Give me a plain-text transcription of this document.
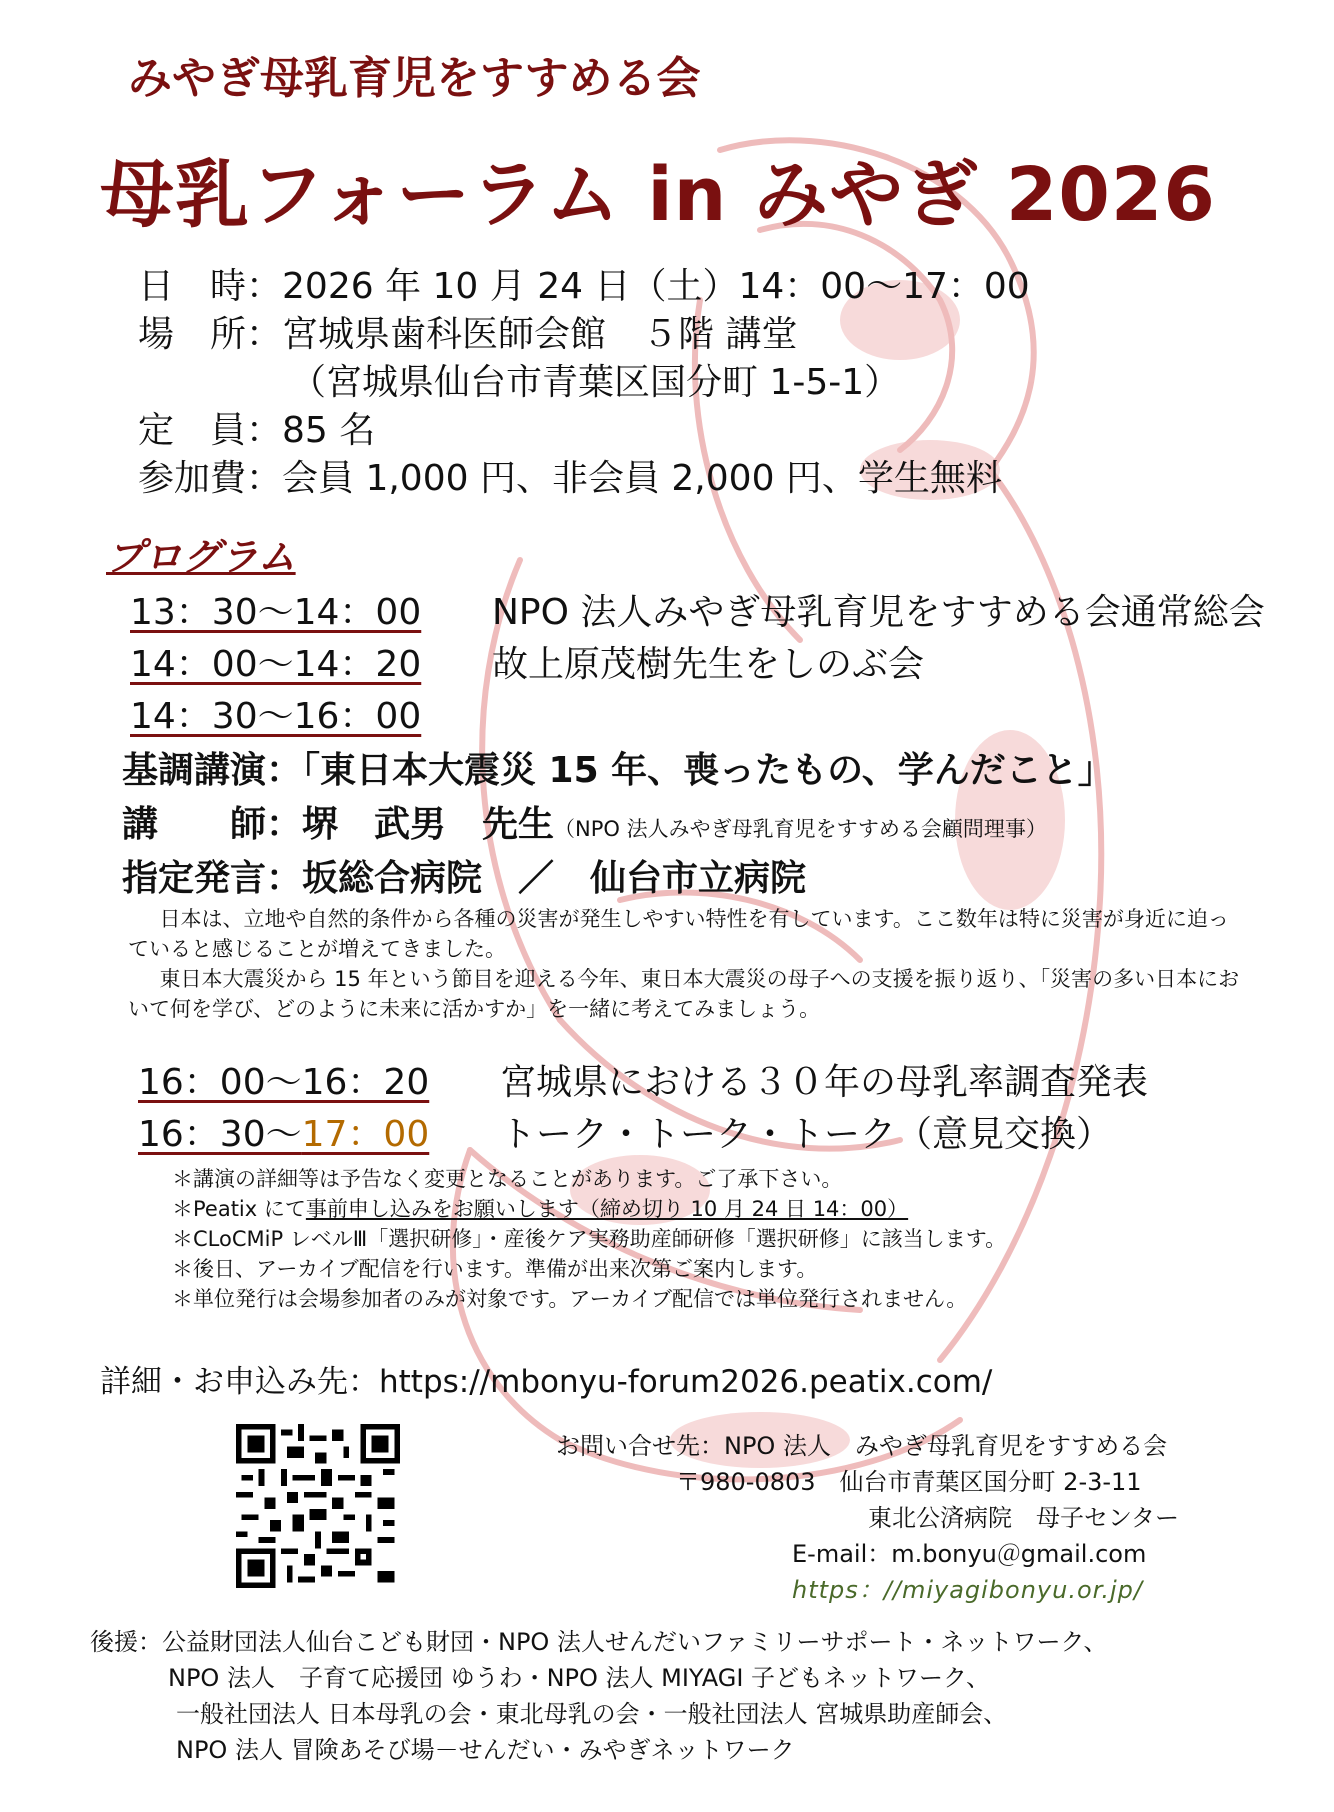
みやぎ母乳育児をすすめる会
母乳フォーラム in みやぎ 2026
日　時：2026 年 10 月 24 日（土）14：00〜17：00
場　所：宮城県歯科医師会館　５階 講堂
（宮城県仙台市青葉区国分町 1-5-1）
定　員：85 名
参加費：会員 1,000 円、非会員 2,000 円、学生無料
プログラム
13：30〜14：00 NPO 法人みやぎ母乳育児をすすめる会通常総会
14：00〜14：20 故上原茂樹先生をしのぶ会
14：30〜16：00
基調講演：「東日本大震災 15 年、喪ったもの、学んだこと」
講　　師：堺　武男　先生（NPO 法人みやぎ母乳育児をすすめる会顧問理事）
指定発言：坂総合病院　／　仙台市立病院

日本は、立地や自然的条件から各種の災害が発生しやすい特性を有しています。ここ数年は特に災害が身近に迫っていると感じることが増えてきました。

東日本大震災から 15 年という節目を迎える今年、東日本大震災の母子への支援を振り返り、「災害の多い日本において何を学び、どのように未来に活かすか」を一緒に考えてみましょう。

16：00〜16：20 宮城県における３０年の母乳率調査発表
16：30〜17：00 トーク・トーク・トーク（意見交換）
＊講演の詳細等は予告なく変更となることがあります。ご了承下さい。
＊Peatix にて事前申し込みをお願いします（締め切り 10 月 24 日 14：00）
＊CLoCMiP レベルⅢ「選択研修」・産後ケア実務助産師研修「選択研修」に該当します。
＊後日、アーカイブ配信を行います。準備が出来次第ご案内します。
＊単位発行は会場参加者のみが対象です。アーカイブ配信では単位発行されません。
詳細・お申込み先：https://mbonyu-forum2026.peatix.com/
お問い合せ先：NPO 法人　みやぎ母乳育児をすすめる会
〒980-0803　仙台市青葉区国分町 2-3-11
東北公済病院　母子センター
E-mail：m.bonyu＠gmail.com
https：//miyagibonyu.or.jp/
後援：公益財団法人仙台こども財団・NPO 法人せんだいファミリーサポート・ネットワーク、
NPO 法人　子育て応援団 ゆうわ・NPO 法人 MIYAGI 子どもネットワーク、
一般社団法人 日本母乳の会・東北母乳の会・一般社団法人 宮城県助産師会、
NPO 法人 冒険あそび場－せんだい・みやぎネットワーク
